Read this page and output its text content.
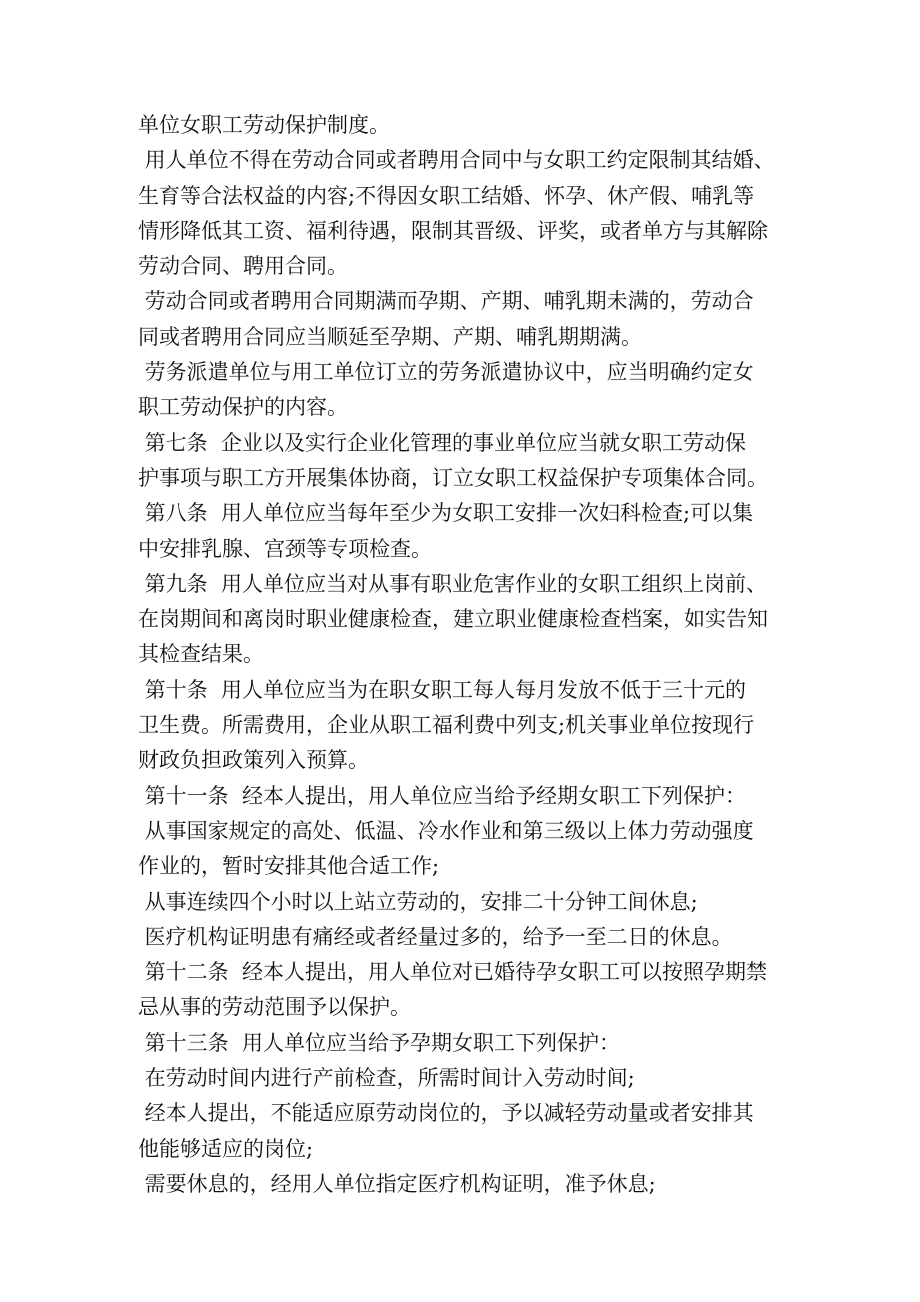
单位女职工劳动保护制度。
用人单位不得在劳动合同或者聘用合同中与女职工约定限制其结婚、
生育等合法权益的内容;不得因女职工结婚、怀孕、休产假、哺乳等
情形降低其工资、福利待遇，限制其晋级、评奖，或者单方与其解除
劳动合同、聘用合同。
劳动合同或者聘用合同期满而孕期、产期、哺乳期未满的，劳动合
同或者聘用合同应当顺延至孕期、产期、哺乳期期满。
劳务派遣单位与用工单位订立的劳务派遣协议中，应当明确约定女
职工劳动保护的内容。
第七条  企业以及实行企业化管理的事业单位应当就女职工劳动保
护事项与职工方开展集体协商，订立女职工权益保护专项集体合同。
第八条  用人单位应当每年至少为女职工安排一次妇科检查;可以集
中安排乳腺、宫颈等专项检查。
第九条  用人单位应当对从事有职业危害作业的女职工组织上岗前、
在岗期间和离岗时职业健康检查，建立职业健康检查档案，如实告知
其检查结果。
第十条  用人单位应当为在职女职工每人每月发放不低于三十元的
卫生费。所需费用，企业从职工福利费中列支;机关事业单位按现行
财政负担政策列入预算。
第十一条  经本人提出，用人单位应当给予经期女职工下列保护：
从事国家规定的高处、低温、冷水作业和第三级以上体力劳动强度
作业的，暂时安排其他合适工作;
从事连续四个小时以上站立劳动的，安排二十分钟工间休息;
医疗机构证明患有痛经或者经量过多的，给予一至二日的休息。
第十二条  经本人提出，用人单位对已婚待孕女职工可以按照孕期禁
忌从事的劳动范围予以保护。
第十三条  用人单位应当给予孕期女职工下列保护：
在劳动时间内进行产前检查，所需时间计入劳动时间;
经本人提出，不能适应原劳动岗位的，予以减轻劳动量或者安排其
他能够适应的岗位;
需要休息的，经用人单位指定医疗机构证明，准予休息;
